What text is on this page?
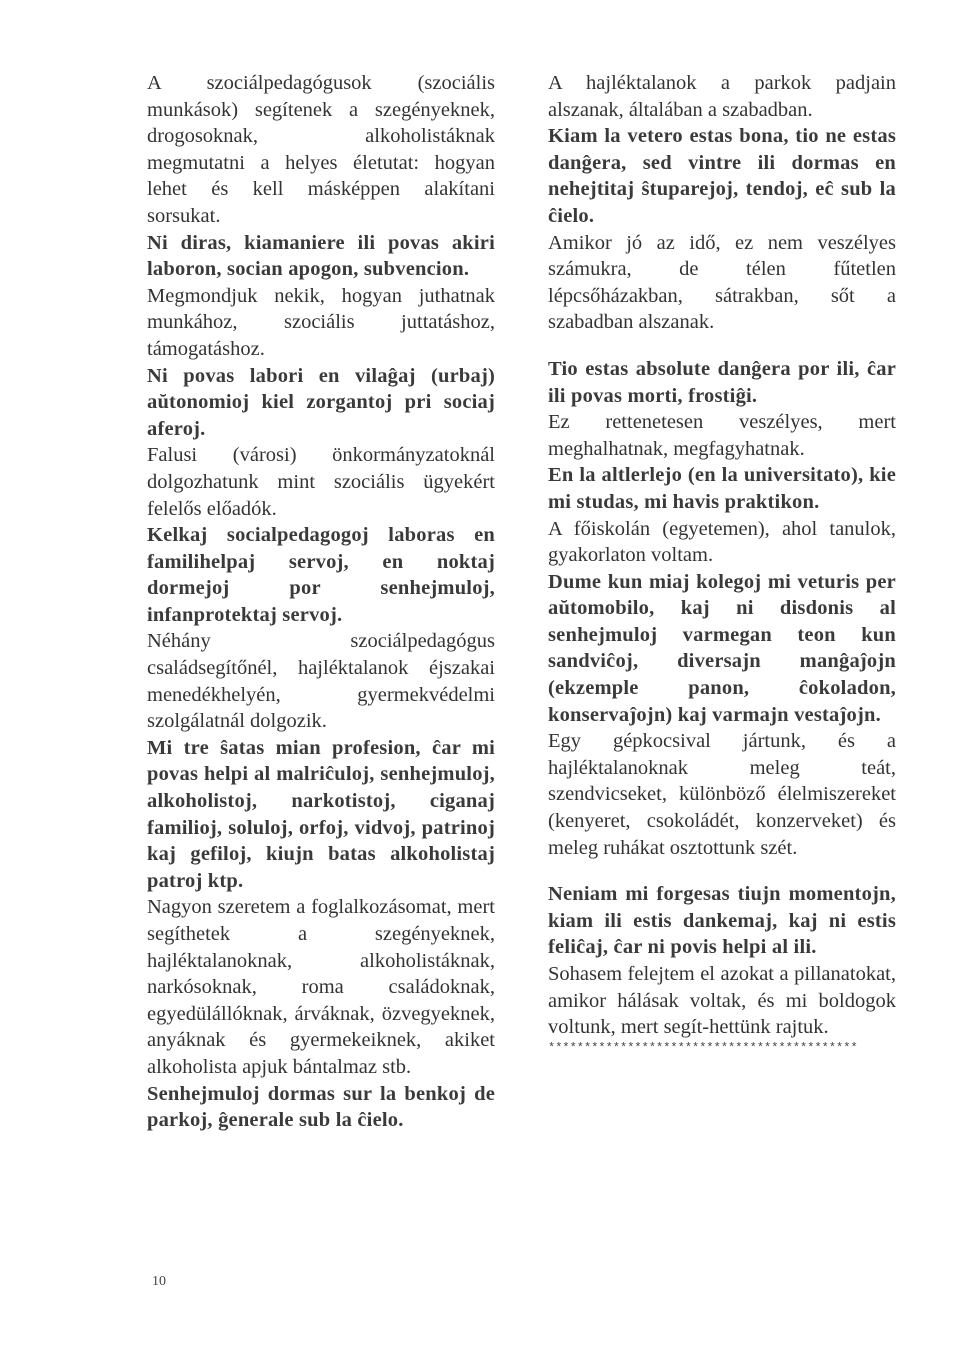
A szociálpedagógusok (szociális munkások) segítenek a szegényeknek, drogosoknak, alkoholistáknak megmutatni a helyes életutat: hogyan lehet és kell másképpen alakítani sorsukat.

Ni diras, kiamaniere ili povas akiri laboron, socian apogon, subvencion.

Megmondjuk nekik, hogyan juthatnak munkához, szociális juttatáshoz, támogatáshoz.

Ni povas labori en vilaĝaj (urbaj) aŭtonomioj kiel zorgantoj pri sociaj aferoj.

Falusi (városi) önkormányzatoknál dolgozhatunk mint szociális ügyekért felelős előadók.

Kelkaj socialpedagogoj laboras en familihelpaj servoj, en noktaj dormejoj por senhejmuloj, infanprotektaj servoj.

Néhány szociálpedagógus családsegítőnél, hajléktalanok éjszakai menedékhelyén, gyermekvédelmi szolgálatnál dolgozik.

Mi tre ŝatas mian profesion, ĉar mi povas helpi al malriĉuloj, senhejmuloj, alkoholistoj, narkotistoj, ciganaj familioj, soluloj, orfoj, vidvoj, patrinoj kaj gefiloj, kiujn batas alkoholistaj patroj ktp.

Nagyon szeretem a foglalkozásomat, mert segíthetek a szegényeknek, hajléktalanoknak, alkoholistáknak, narkósoknak, roma családoknak, egyedülállóknak, árváknak, özvegyeknek, anyáknak és gyermekeiknek, akiket alkoholista apjuk bántalmaz stb.

Senhejmuloj dormas sur la benkoj de parkoj, ĝenerale sub la ĉielo.

A hajléktalanok a parkok padjain alszanak, általában a szabadban.

Kiam la vetero estas bona, tio ne estas danĝera, sed vintre ili dormas en nehejtitaj ŝtuparejoj, tendoj, eĉ sub la ĉielo.

Amikor jó az idő, ez nem veszélyes számukra, de télen fűtetlen lépcsőházakban, sátrakban, sőt a szabadban alszanak.

Tio estas absolute danĝera por ili, ĉar ili povas morti, frostiĝi.

Ez rettenetesen veszélyes, mert meghalhatnak, megfagyhatnak.

En la altlerlejo (en la universitato), kie mi studas, mi havis praktikon.

A főiskolán (egyetemen), ahol tanulok, gyakorlaton voltam.

Dume kun miaj kolegoj mi veturis per aŭtomobilo, kaj ni disdonis al senhejmuloj varmegan teon kun sandviĉoj, diversajn manĝaĵojn (ekzemple panon, ĉokoladon, konservaĵojn) kaj varmajn vestaĵojn.

Egy gépkocsival jártunk, és a hajléktalanoknak meleg teát, szendvicseket, különböző élelmiszereket (kenyeret, csokoládét, konzerveket) és meleg ruhákat osztottunk szét.

Neniam mi forgesas tiujn momentojn, kiam ili estis dankemaj, kaj ni estis feliĉaj, ĉar ni povis helpi al ili.

Sohasem felejtem el azokat a pillanatokat, amikor hálásak voltak, és mi boldogok voltunk, mert segít-hettünk rajtuk.

*******************************************

10
